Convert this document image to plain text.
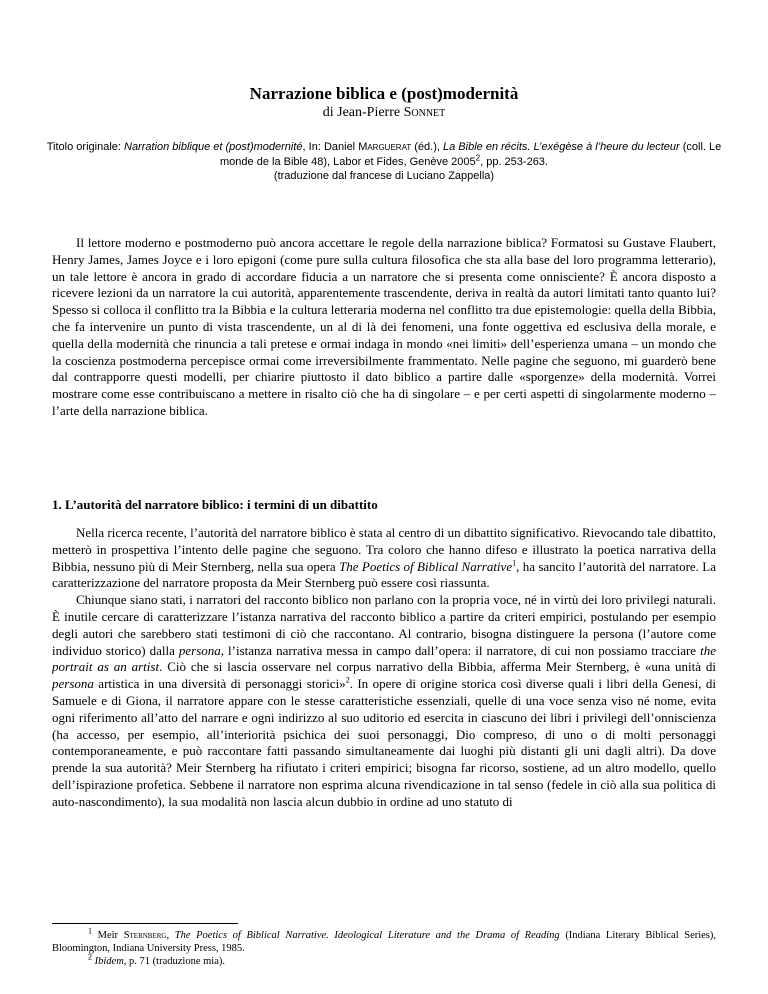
Narrazione biblica e (post)modernità
di Jean-Pierre Sonnet
Titolo originale: Narration biblique et (post)modernité, In: Daniel Marguerat (éd.), La Bible en récits. L’exégèse à l’heure du lecteur (coll. Le monde de la Bible 48), Labor et Fides, Genève 2005$^2$, pp. 253-263.
(traduzione dal francese di Luciano Zappella)

Il lettore moderno e postmoderno può ancora accettare le regole della narrazione biblica? Formatosi su Gustave Flaubert, Henry James, James Joyce e i loro epigoni (come pure sulla cultura filosofica che sta alla base del loro programma letterario), un tale lettore è ancora in grado di accordare fiducia a un narratore che si presenta come onnisciente? È ancora disposto a ricevere lezioni da un narratore la cui autorità, apparentemente trascendente, deriva in realtà da autori limitati tanto quanto lui? Spesso si colloca il conflitto tra la Bibbia e la cultura letteraria moderna nel conflitto tra due epistemologie: quella della Bibbia, che fa intervenire un punto di vista trascendente, un al di là dei fenomeni, una fonte oggettiva ed esclusiva della morale, e quella della modernità che rinuncia a tali pretese e ormai indaga in mondo «nei limiti» dell’esperienza umana – un mondo che la coscienza postmoderna percepisce ormai come irreversibilmente frammentato. Nelle pagine che seguono, mi guarderò bene dal contrapporre questi modelli, per chiarire piuttosto il dato biblico a partire dalle «sporgenze» della modernità. Vorrei mostrare come esse contribuiscano a mettere in risalto ciò che ha di singolare – e per certi aspetti di singolarmente moderno – l’arte della narrazione biblica.

1. L’autorità del narratore biblico: i termini di un dibattito

Nella ricerca recente, l’autorità del narratore biblico è stata al centro di un dibattito significativo. Rievocando tale dibattito, metterò in prospettiva l’intento delle pagine che seguono. Tra coloro che hanno difeso e illustrato la poetica narrativa della Bibbia, nessuno più di Meir Sternberg, nella sua opera The Poetics of Biblical Narrative$^1$, ha sancito l’autorità del narratore. La caratterizzazione del narratore proposta da Meir Sternberg può essere così riassunta.

Chiunque siano stati, i narratori del racconto biblico non parlano con la propria voce, né in virtù dei loro privilegi naturali. È inutile cercare di caratterizzare l’istanza narrativa del racconto biblico a partire da criteri empirici, postulando per esempio degli autori che sarebbero stati testimoni di ciò che raccontano. Al contrario, bisogna distinguere la persona (l’autore come individuo storico) dalla persona, l’istanza narrativa messa in campo dall’opera: il narratore, di cui non possiamo tracciare the portrait as an artist. Ciò che si lascia osservare nel corpus narrativo della Bibbia, afferma Meir Sternberg, è «una unità di persona artistica in una diversità di personaggi storici»$^2$. In opere di origine storica così diverse quali i libri della Genesi, di Samuele e di Giona, il narratore appare con le stesse caratteristiche essenziali, quelle di una voce senza viso né nome, evita ogni riferimento all’atto del narrare e ogni indirizzo al suo uditorio ed esercita in ciascuno dei libri i privilegi dell’onniscienza (ha accesso, per esempio, all’interiorità psichica dei suoi personaggi, Dio compreso, di uno o di molti personaggi contemporaneamente, e può raccontare fatti passando simultaneamente dai luoghi più distanti gli uni dagli altri). Da dove prende la sua autorità? Meir Sternberg ha rifiutato i criteri empirici; bisogna far ricorso, sostiene, ad un altro modello, quello dell’ispirazione profetica. Sebbene il narratore non esprima alcuna rivendicazione in tal senso (fedele in ciò alla sua politica di auto-nascondimento), la sua modalità non lascia alcun dubbio in ordine ad uno statuto di

$^1$ Meir Sternberg, The Poetics of Biblical Narrative. Ideological Literature and the Drama of Reading (Indiana Literary Biblical Series), Bloomington, Indiana University Press, 1985.

$^2$ Ibidem, p. 71 (traduzione mia).
